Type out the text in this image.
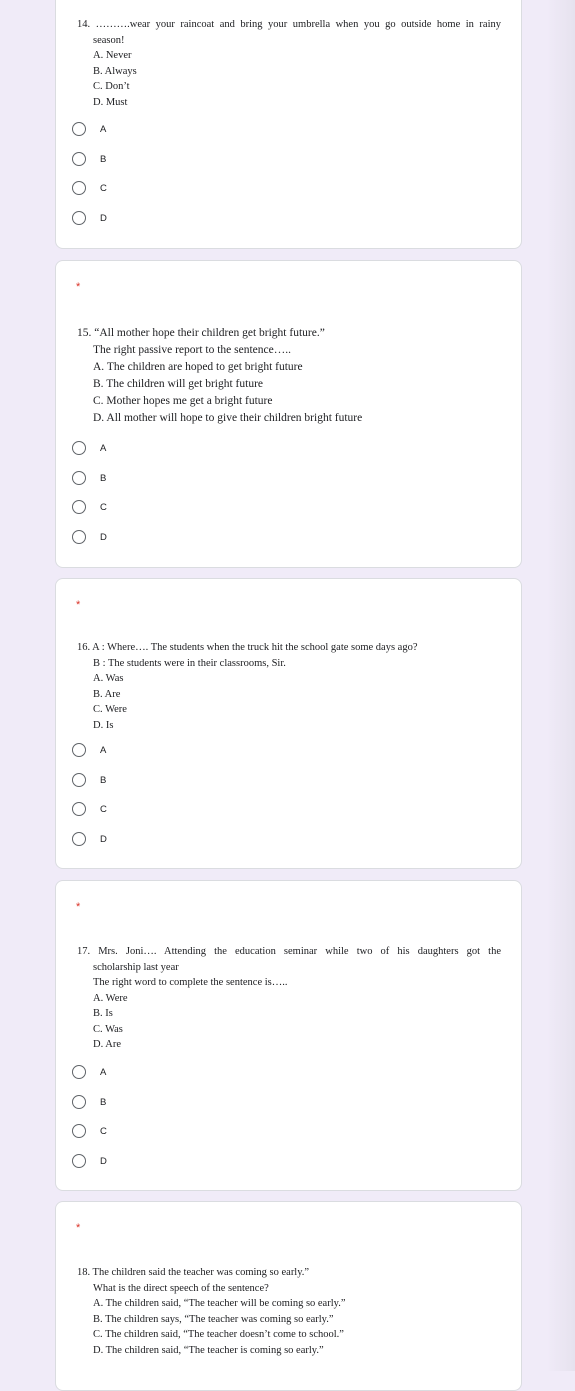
14. ……….wear your raincoat and bring your umbrella when you go outside home in rainy
season!
A. Never
B. Always
C. Don’t
D. Must
A
B
C
D
*
15. “All mother hope their children get bright future.”
The right passive report to the sentence…..
A. The children are hoped to get bright future
B. The children will get bright future
C. Mother hopes me get a bright future
D. All mother will hope to give their children bright future
A
B
C
D
*
16. A : Where…. The students when the truck hit the school gate some days ago?
B : The students were in their classrooms, Sir.
A. Was
B. Are
C. Were
D. Is
A
B
C
D
*
17. Mrs. Joni…. Attending the education seminar while two of his daughters got the
scholarship last year
The right word to complete the sentence is…..
A. Were
B. Is
C. Was
D. Are
A
B
C
D
*
18. The children said the teacher was coming so early.”
What is the direct speech of the sentence?
A. The children said, “The teacher will be coming so early.”
B. The children says, “The teacher was coming so early.”
C. The children said, “The teacher doesn’t come to school.”
D. The children said, “The teacher is coming so early.”
